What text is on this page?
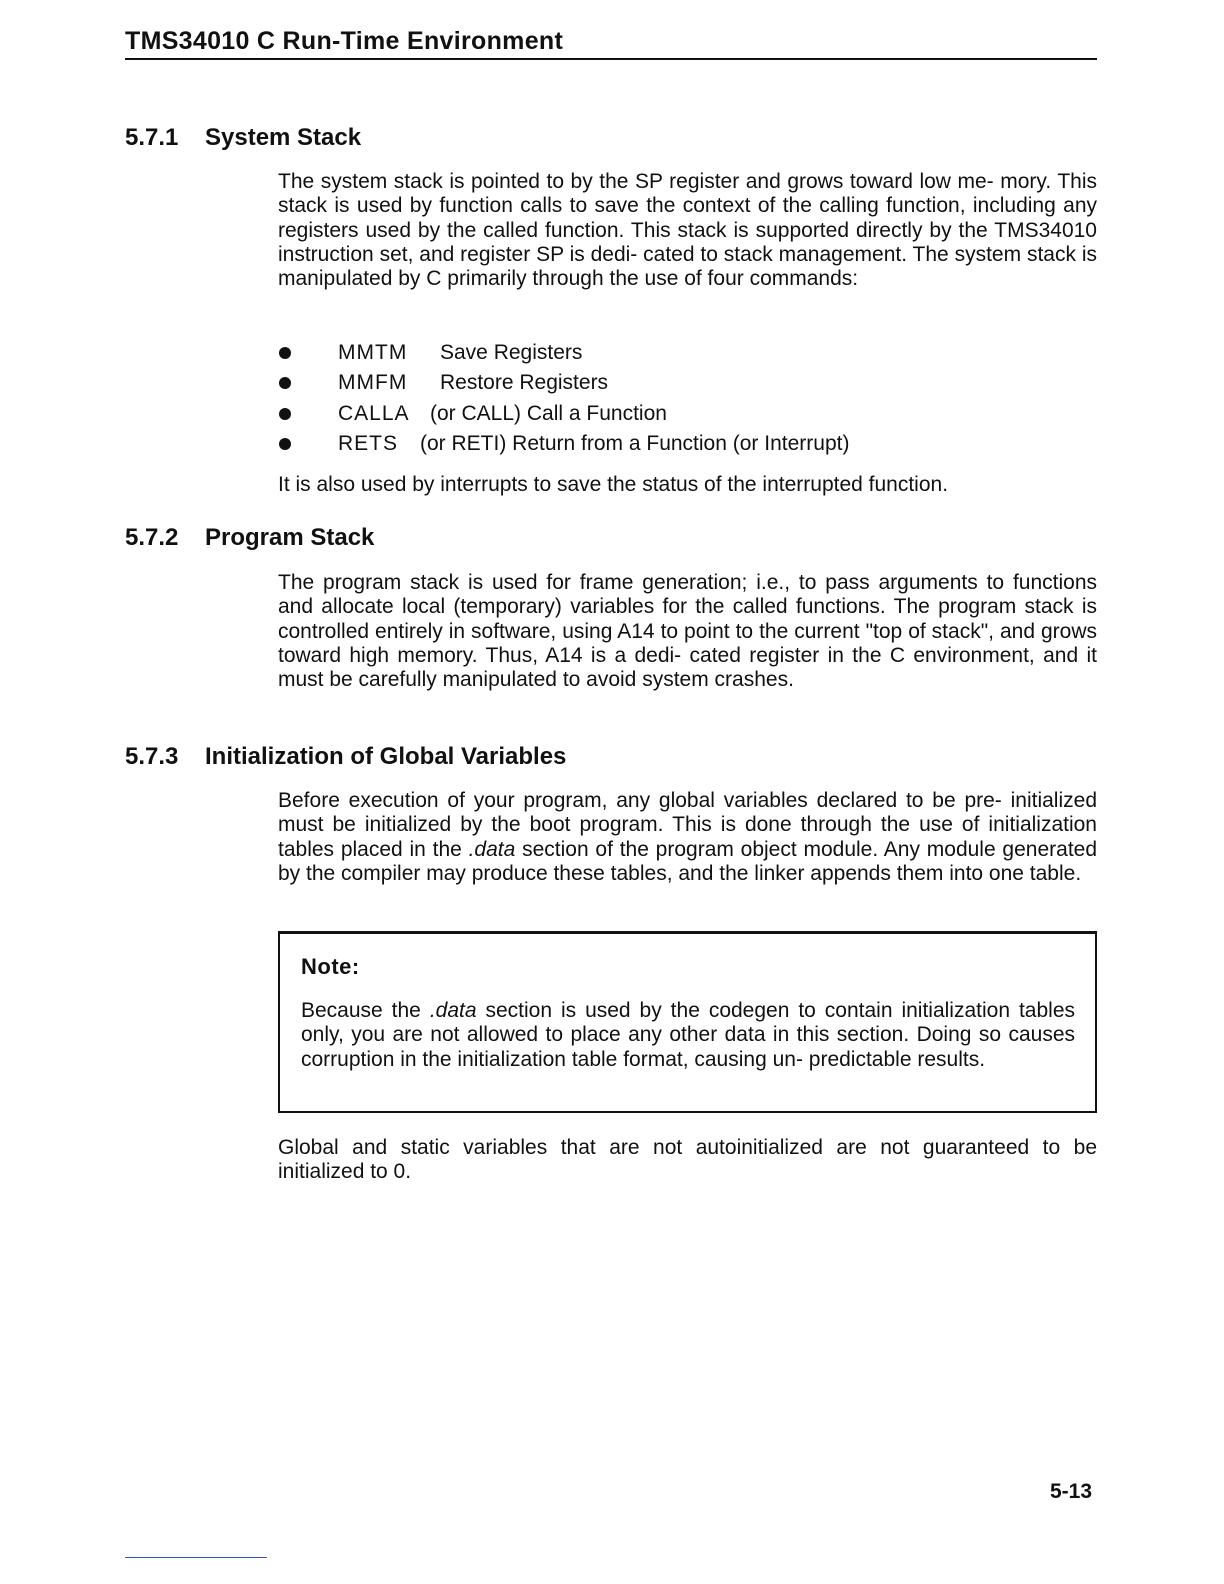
TMS34010 C Run-Time Environment
5.7.1 System Stack

The system stack is pointed to by the SP register and grows toward low me- mory. This stack is used by function calls to save the context of the calling function, including any registers used by the called function. This stack is supported directly by the TMS34010 instruction set, and register SP is dedi- cated to stack management. The system stack is manipulated by C primarily through the use of four commands:

MMTM Save Registers
MMFM Restore Registers
CALLA (or CALL) Call a Function
RETS (or RETI) Return from a Function (or Interrupt)

It is also used by interrupts to save the status of the interrupted function.

5.7.2 Program Stack

The program stack is used for frame generation; i.e., to pass arguments to functions and allocate local (temporary) variables for the called functions. The program stack is controlled entirely in software, using A14 to point to the current "top of stack", and grows toward high memory. Thus, A14 is a dedi- cated register in the C environment, and it must be carefully manipulated to avoid system crashes.

5.7.3 Initialization of Global Variables

Before execution of your program, any global variables declared to be pre- initialized must be initialized by the boot program. This is done through the use of initialization tables placed in the .data section of the program object module. Any module generated by the compiler may produce these tables, and the linker appends them into one table.

Note:

Because the .data section is used by the codegen to contain initialization tables only, you are not allowed to place any other data in this section. Doing so causes corruption in the initialization table format, causing un- predictable results.

Global and static variables that are not autoinitialized are not guaranteed to be initialized to 0.

5-13
